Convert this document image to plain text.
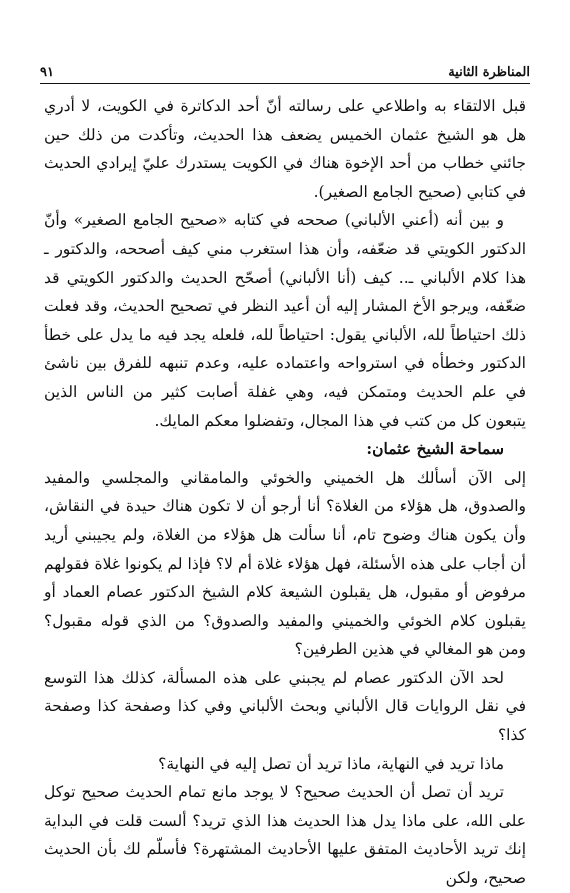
المناظرة الثانية
٩١

قبل الالتقاء به واطلاعي على رسالته أنّ أحد الدكاترة في الكويت، لا أدري هل هو الشيخ عثمان الخميس يضعف هذا الحديث، وتأكدت من ذلك حين جائني خطاب من أحد الإخوة هناك في الكويت يستدرك عليّ إيرادي الحديث في كتابي (صحيح الجامع الصغير).

و بين أنه (أعني الألباني) صححه في كتابه «صحيح الجامع الصغير» وأنّ الدكتور الكويتي قد ضعّفه، وأن هذا استغرب مني كيف أصححه، والدكتور ـ هذا كلام الألباني ـ.. كيف (أنا الألباني) أصحّح الحديث والدكتور الكويتي قد ضعّفه، ويرجو الأخ المشار إليه أن أعيد النظر في تصحيح الحديث، وقد فعلت ذلك احتياطاً لله، الألباني يقول: احتياطاً لله، فلعله يجد فيه ما يدل على خطأ الدكتور وخطأه في استرواحه واعتماده عليه، وعدم تنبهه للفرق بين ناشئ في علم الحديث ومتمكن فيه، وهي غفلة أصابت كثير من الناس الذين يتبعون كل من كتب في هذا المجال، وتفضلوا معكم المايك.

سماحة الشيخ عثمان:

إلى الآن أسألك هل الخميني والخوئي والمامقاني والمجلسي والمفيد والصدوق، هل هؤلاء من الغلاة؟ أنا أرجو أن لا تكون هناك حيدة في النقاش، وأن يكون هناك وضوح تام، أنا سألت هل هؤلاء من الغلاة، ولم يجيبني أريد أن أجاب على هذه الأسئلة، فهل هؤلاء غلاة أم لا؟ فإذا لم يكونوا غلاة فقولهم مرفوض أو مقبول، هل يقبلون الشيعة كلام الشيخ الدكتور عصام العماد أو يقبلون كلام الخوئي والخميني والمفيد والصدوق؟ من الذي قوله مقبول؟ ومن هو المغالي في هذين الطرفين؟

لحد الآن الدكتور عصام لم يجبني على هذه المسألة، كذلك هذا التوسع في نقل الروايات قال الألباني وبحث الألباني وفي كذا وصفحة كذا وصفحة كذا؟

ماذا تريد في النهاية، ماذا تريد أن تصل إليه في النهاية؟

تريد أن تصل أن الحديث صحيح؟ لا يوجد مانع تمام الحديث صحيح توكل على الله، على ماذا يدل هذا الحديث هذا الذي تريد؟ ألست قلت في البداية إنك تريد الأحاديث المتفق عليها الأحاديث المشتهرة؟ فأسلّم لك بأن الحديث صحيح، ولكن
